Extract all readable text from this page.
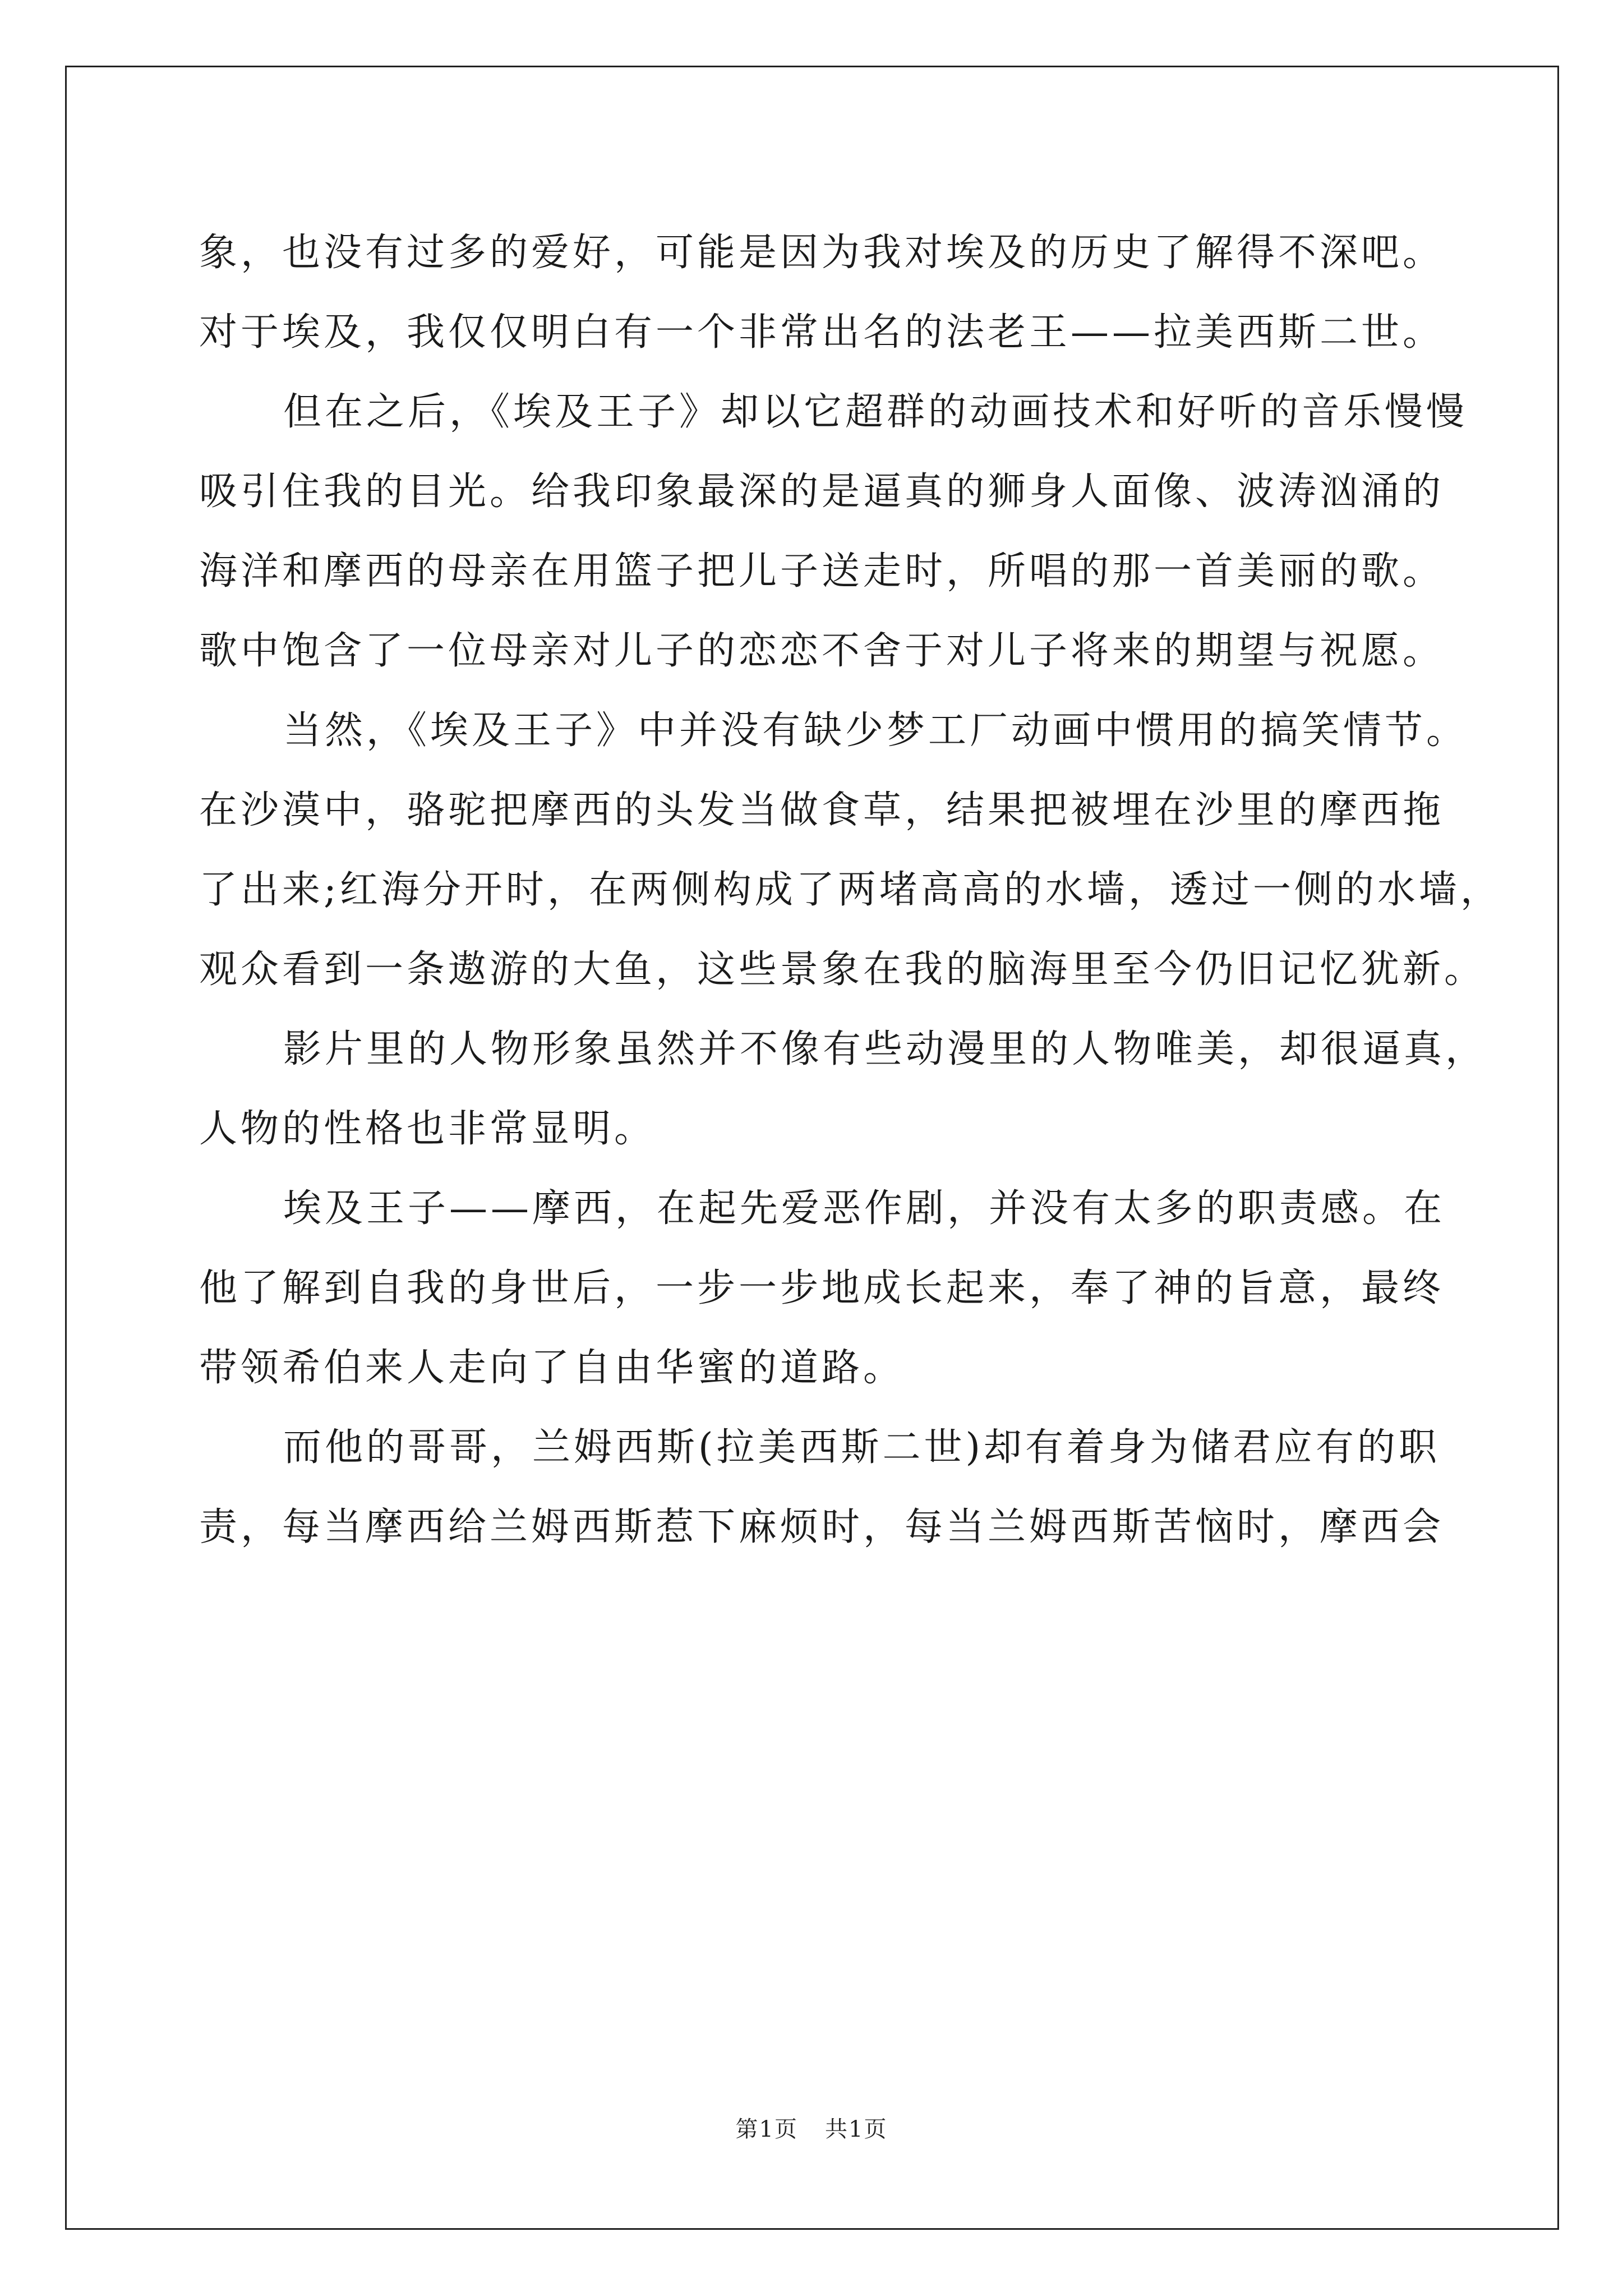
象，也没有过多的爱好，可能是因为我对埃及的历史了解得不深吧。
对于埃及，我仅仅明白有一个非常出名的法老王——拉美西斯二世。
但在之后，《埃及王子》却以它超群的动画技术和好听的音乐慢慢
吸引住我的目光。给我印象最深的是逼真的狮身人面像、波涛汹涌的
海洋和摩西的母亲在用篮子把儿子送走时，所唱的那一首美丽的歌。
歌中饱含了一位母亲对儿子的恋恋不舍于对儿子将来的期望与祝愿。
当然，《埃及王子》中并没有缺少梦工厂动画中惯用的搞笑情节。
在沙漠中，骆驼把摩西的头发当做食草，结果把被埋在沙里的摩西拖
了出来;红海分开时，在两侧构成了两堵高高的水墙，透过一侧的水墙，
观众看到一条遨游的大鱼，这些景象在我的脑海里至今仍旧记忆犹新。
影片里的人物形象虽然并不像有些动漫里的人物唯美，却很逼真，
人物的性格也非常显明。
埃及王子——摩西，在起先爱恶作剧，并没有太多的职责感。在
他了解到自我的身世后，一步一步地成长起来，奉了神的旨意，最终
带领希伯来人走向了自由华蜜的道路。
而他的哥哥，兰姆西斯(拉美西斯二世)却有着身为储君应有的职
责，每当摩西给兰姆西斯惹下麻烦时，每当兰姆西斯苦恼时，摩西会
第1页 共1页
